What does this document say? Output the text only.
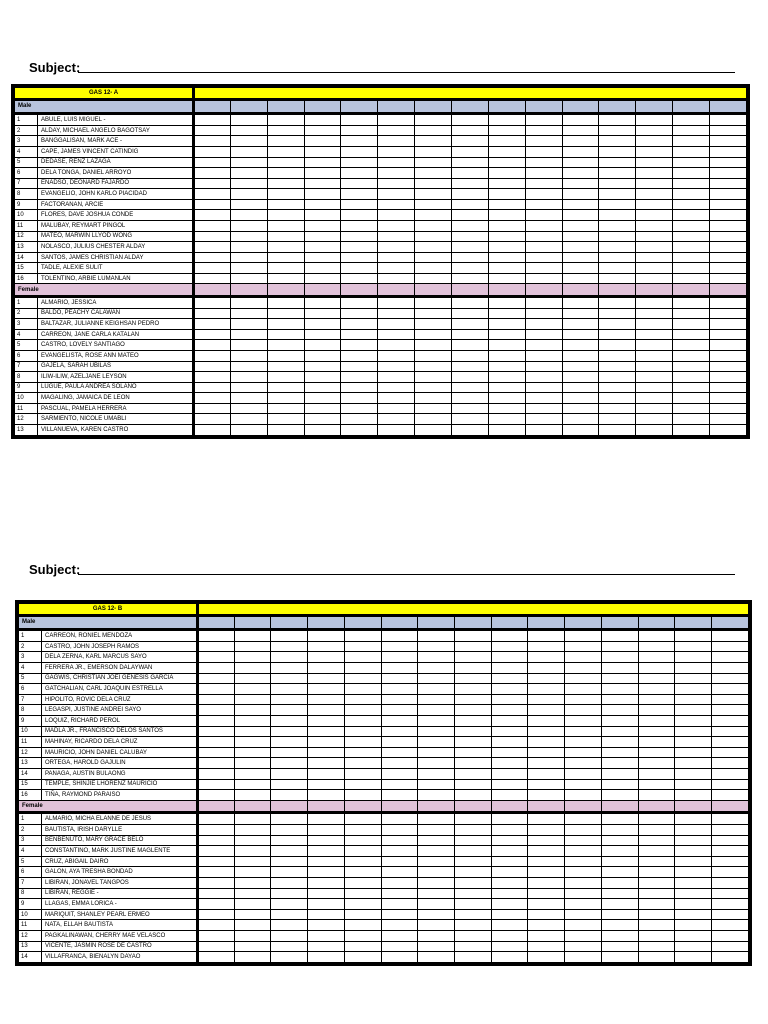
Subject:
GAS 12- A																
Male																
1	ABULE, LUIS MIGUEL -															
2	ALDAY, MICHAEL ANGELO BAGOTSAY															
3	BANGGALISAN, MARK ACE -															
4	CAPE, JAMES VINCENT CATINDIG															
5	DEDASE, RENZ LAZAGA															
6	DELA TONGA, DANIEL ARROYO															
7	ENADSO, DEONARD FAJARDO															
8	EVANGELIO, JOHN KARLO PIACIDAD															
9	FACTORANAN, ARCIE															
10	FLORES, DAVE JOSHUA CONDE															
11	MALUBAY, REYMART PINGOL															
12	MATEO, MARWIN LLYOD WONG															
13	NOLASCO, JULIUS CHESTER ALDAY															
14	SANTOS, JAMES CHRISTIAN ALDAY															
15	TADLE, ALEXIE SULIT															
16	TOLENTINO, ARBIE LUMANLAN															
Female																
1	ALMARIO, JESSICA															
2	BALDO, PEACHY CALAWAN															
3	BALTAZAR, JULIANNE KEIGHSAN PEDRO															
4	CARREON, JANE CARLA KATALAN															
5	CASTRO, LOVELY SANTIAGO															
6	EVANGELISTA, ROSE ANN MATEO															
7	GAJELA, SARAH UBILAS															
8	ILIW-ILIW, AZELJANE LEYSON															
9	LUGUE, PAULA ANDREA SOLANO															
10	MAGALING, JAMAICA DE LEON															
11	PASCUAL, PAMELA HERRERA															
12	SARMIENTO, NICOLE UMABLI															
13	VILLANUEVA, KAREN CASTRO															
Subject:
GAS 12- B																
Male																
1	CARREON, RONIEL MENDOZA															
2	CASTRO, JOHN JOSEPH RAMOS															
3	DELA ZERNA, KARL MARCUS SAYO															
4	FERRERA JR., EMERSON DALAYWAN															
5	GAGWIS, CHRISTIAN JOEI GENESIS GARCIA															
6	GATCHALIAN, CARL JOAQUIN ESTRELLA															
7	HIPOLITO, ROVIC DELA CRUZ															
8	LEGASPI, JUSTINE ANDREI SAYO															
9	LOQUIZ, RICHARD PEROL															
10	MADLA JR., FRANCISCO DELOS SANTOS															
11	MAHINAY, RICARDO DELA CRUZ															
12	MAURICIO, JOHN DANIEL CALUBAY															
13	ORTEGA, HAROLD GAJULIN															
14	PANAGA, AUSTIN BULAONG															
15	TEMPLE, SHINJIE LHORENZ MAURICIO															
16	TIÑA, RAYMOND PARAISO															
Female																
1	ALMARIO, MICHA ELANNE DE JESUS															
2	BAUTISTA, IRISH DARYLLE															
3	BENBENUTO, MARY GRACE BELO															
4	CONSTANTINO, MARK JUSTINE MAGLENTE															
5	CRUZ, ABIGAIL DAIRO															
6	GALON, AYA TRESHA BONDAD															
7	LIBIRAN, JONAVEL TANGPOS															
8	LIBIRAN, REGGIE -															
9	LLAGAS, EMMA LORICA -															
10	MARIQUIT, SHANLEY PEARL ERMEO															
11	NATA, ELLAH BAUTISTA															
12	PAGKALINAWAN, CHERRY MAE VELASCO															
13	VICENTE, JASMIN ROSE DE CASTRO															
14	VILLAFRANCA, BIENALYN DAYAO															
